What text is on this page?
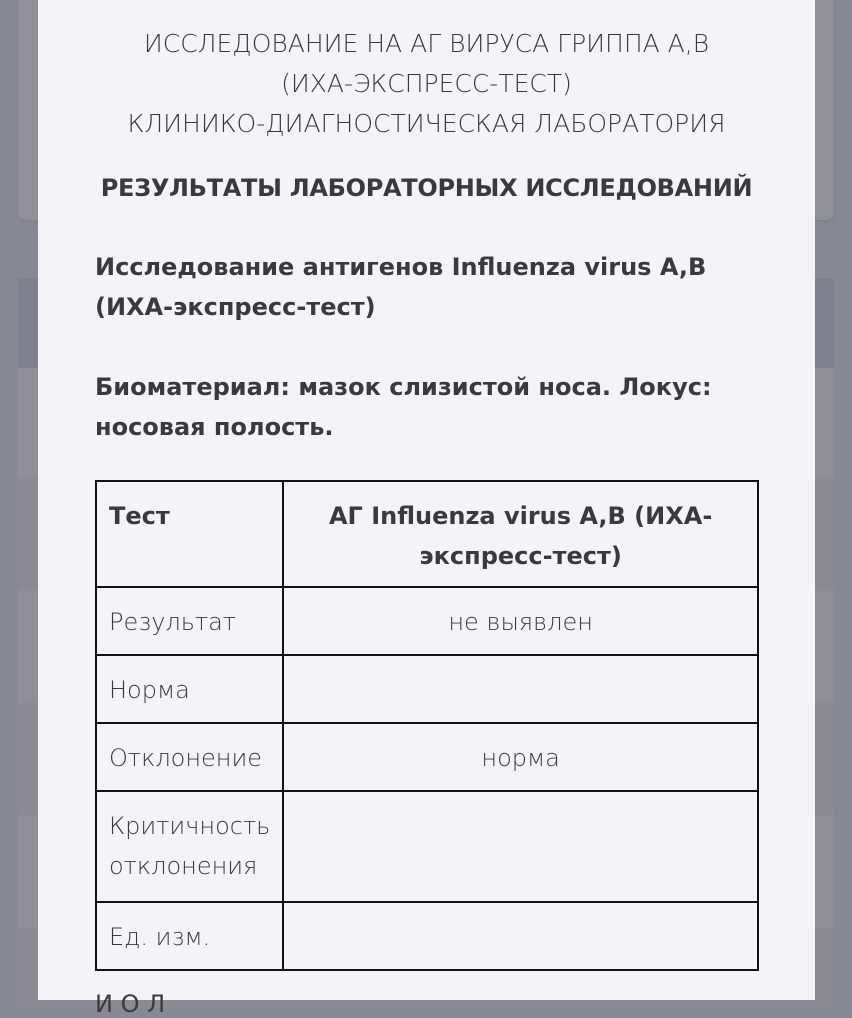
ИССЛЕДОВАНИЕ НА АГ ВИРУСА ГРИППА А,В
(ИХА-ЭКСПРЕСС-ТЕСТ)
КЛИНИКО-ДИАГНОСТИЧЕСКАЯ ЛАБОРАТОРИЯ
РЕЗУЛЬТАТЫ ЛАБОРАТОРНЫХ ИССЛЕДОВАНИЙ
Исследование антигенов Influenza virus A,B (ИХА-экспресс-тест)
Биоматериал: мазок слизистой носа. Локус: носовая полость.
Тест	АГ Influenza virus A,B (ИХА-экспресс-тест)
Результат	не выявлен
Норма	
Отклонение	норма
Критичность отклонения	
Ед. изм.	
И О Л
